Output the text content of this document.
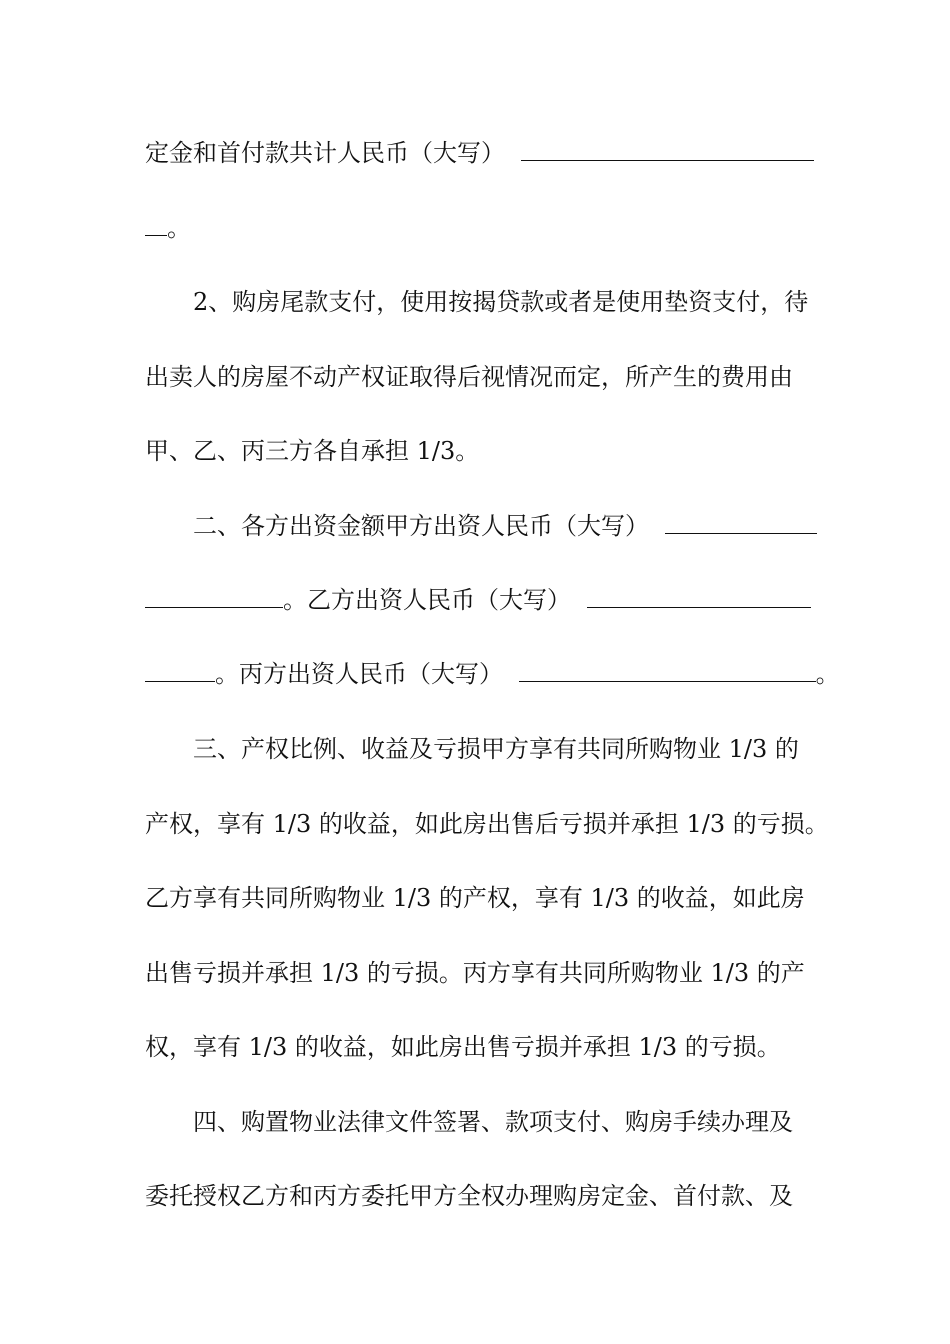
定金和首付款共计人民币（大写）
。
2、购房尾款支付，使用按揭贷款或者是使用垫资支付，待
出卖人的房屋不动产权证取得后视情况而定，所产生的费用由
甲、乙、丙三方各自承担 1/3。
二、各方出资金额甲方出资人民币（大写）
。乙方出资人民币（大写）
。丙方出资人民币（大写）	。
三、产权比例、收益及亏损甲方享有共同所购物业 1/3 的
产权，享有 1/3 的收益，如此房出售后亏损并承担 1/3 的亏损。
乙方享有共同所购物业 1/3 的产权，享有 1/3 的收益，如此房
出售亏损并承担 1/3 的亏损。丙方享有共同所购物业 1/3 的产
权，享有 1/3 的收益，如此房出售亏损并承担 1/3 的亏损。
四、购置物业法律文件签署、款项支付、购房手续办理及
委托授权乙方和丙方委托甲方全权办理购房定金、首付款、及
